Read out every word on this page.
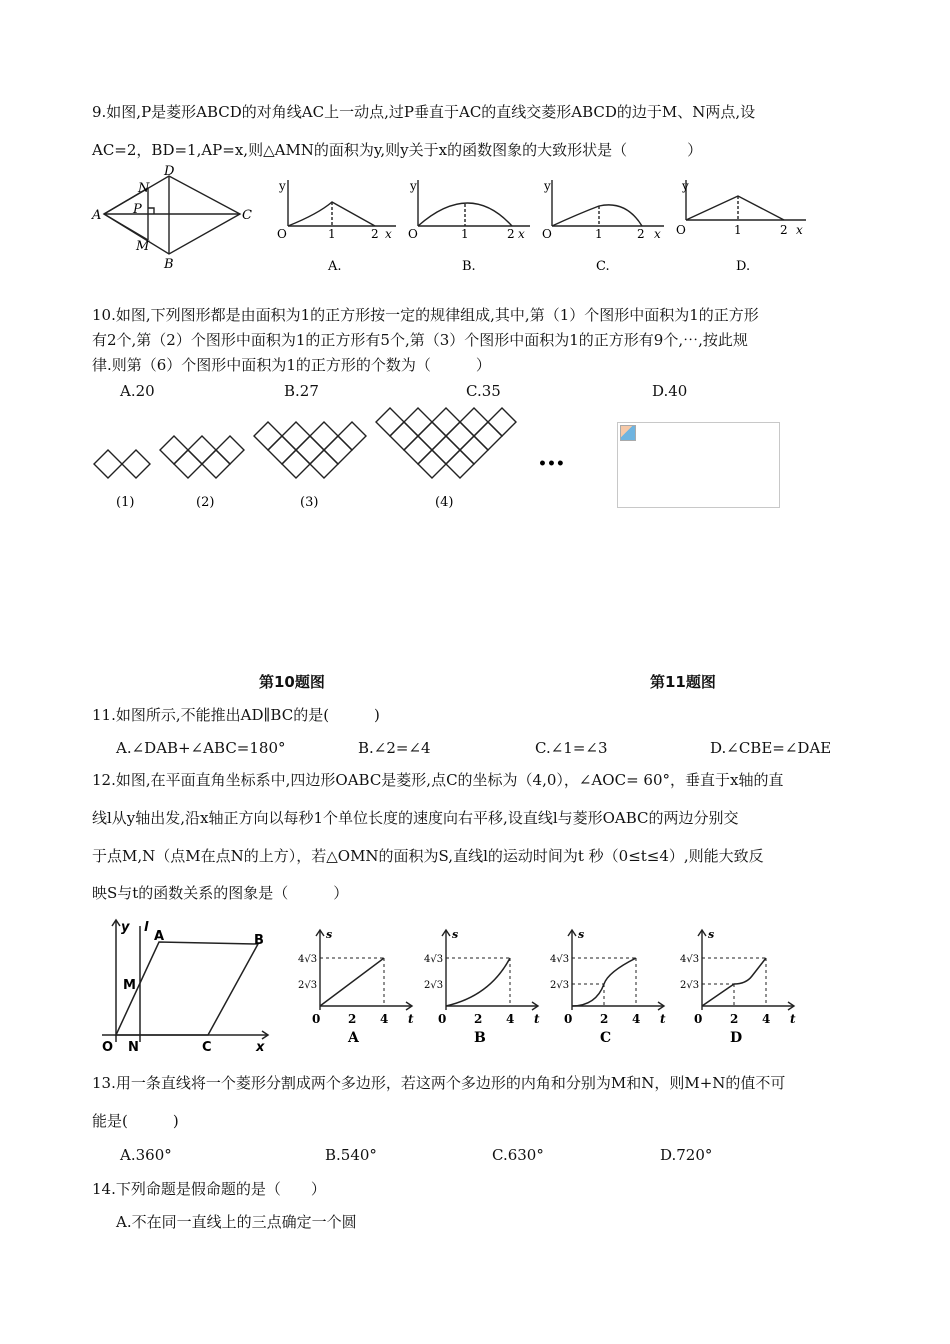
9.如图,P是菱形ABCD的对角线AC上一动点,过P垂直于AC的直线交菱形ABCD的边于M、N两点,设
AC=2，BD=1,AP=x,则△AMN的面积为y,则y关于x的函数图象的大致形状是（　　　　）
A
D
C
B
N
M
P
y
O	1	2 x
A.
y
O	1	2 x
B.
y
O	1	2 x
C.
y
O	1	2 x
D.
10.如图,下列图形都是由面积为1的正方形按一定的规律组成,其中,第（1）个图形中面积为1的正方形
有2个,第（2）个图形中面积为1的正方形有5个,第（3）个图形中面积为1的正方形有9个,⋯,按此规
律.则第（6）个图形中面积为1的正方形的个数为（　　　）
A.20	B.27	C.35	D.40
(1)	(2)	(3)	(4)
•••
第10题图	第11题图
11.如图所示,不能推出AD∥BC的是(　　　)
A.∠DAB+∠ABC=180°	B.∠2=∠4	C.∠1=∠3	D.∠CBE=∠DAE
12.如图,在平面直角坐标系中,四边形OABC是菱形,点C的坐标为（4,0），∠AOC= 60°，垂直于x轴的直
线l从y轴出发,沿x轴正方向以每秒1个单位长度的速度向右平移,设直线l与菱形OABC的两边分别交
于点M,N（点M在点N的上方），若△OMN的面积为S,直线l的运动时间为t 秒（0≤t≤4）,则能大致反
映S与t的函数关系的图象是（　　　）
y l
A	B
M
O N	C	x
s
4√3
2√3
0 2 4 t
A
s
4√3
2√3
0 2 4 t
B
s
4√3
2√3
0 2 4 t
C
s
4√3
2√3
0 2 4 t
D
13.用一条直线将一个菱形分割成两个多边形，若这两个多边形的内角和分别为M和N，则M+N的值不可
能是(　　　)
A.360°	B.540°	C.630°	D.720°
14.下列命题是假命题的是（　　）
A.不在同一直线上的三点确定一个圆
